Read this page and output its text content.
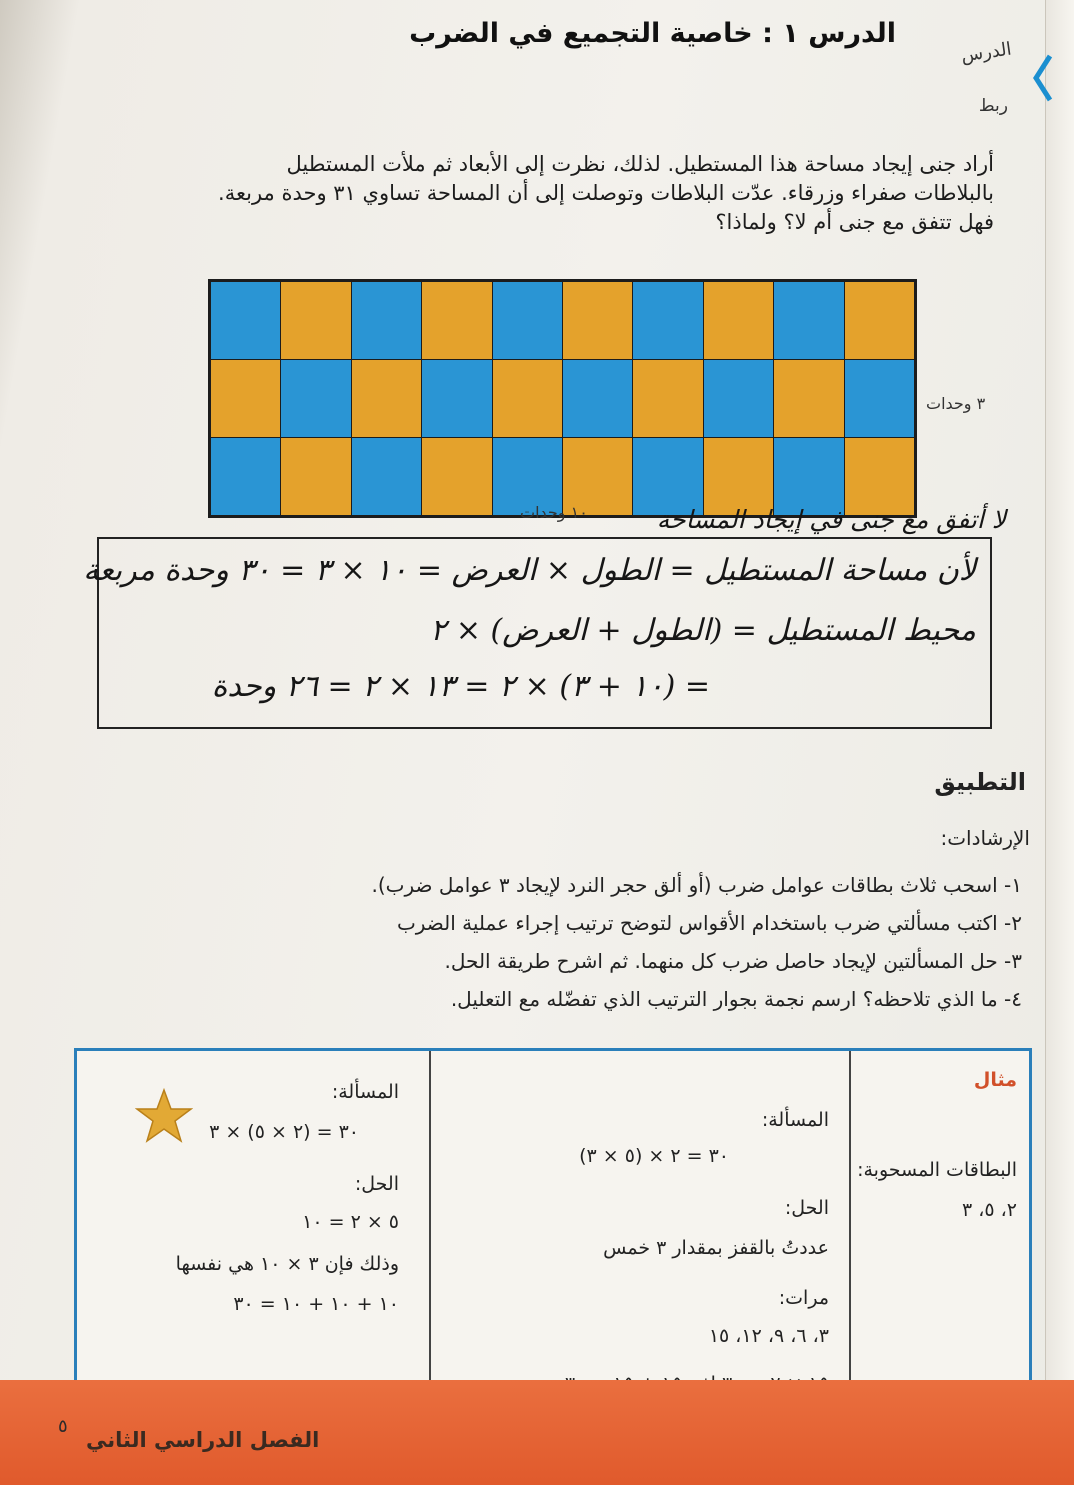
الدرس ١ : خاصية التجميع في الضرب
الدرس
ربط
أراد جنى إيجاد مساحة هذا المستطيل. لذلك، نظرت إلى الأبعاد ثم ملأت المستطيل
بالبلاطات صفراء وزرقاء. عدّت البلاطات وتوصلت إلى أن المساحة تساوي ٣١ وحدة مربعة.
فهل تتفق مع جنى أم لا؟ ولماذا؟
٣ وحدات
١٠ وحدات	لا أتفق مع جنى في إيجاد المساحة
لأن مساحة المستطيل = الطول × العرض = ١٠ × ٣ = ٣٠ وحدة مربعة
محيط المستطيل = (الطول + العرض) × ٢
= (١٠ + ٣) × ٢ = ١٣ × ٢ = ٢٦ وحدة
التطبيق
الإرشادات:
١- اسحب ثلاث بطاقات عوامل ضرب (أو ألق حجر النرد لإيجاد ٣ عوامل ضرب).
٢- اكتب مسألتي ضرب باستخدام الأقواس لتوضح ترتيب إجراء عملية الضرب
٣- حل المسألتين لإيجاد حاصل ضرب كل منهما. ثم اشرح طريقة الحل.
٤- ما الذي تلاحظه؟ ارسم نجمة بجوار الترتيب الذي تفضّله مع التعليل.
مثال
البطاقات المسحوبة:
٢، ٥، ٣
المسألة:
٣٠ = ٢ × (٥ × ٣)
الحل:
عددتُ بالقفز بمقدار ٣ خمس
مرات:
٣، ٦، ٩، ١٢، ١٥
المسألة:
٣٠ = (٢ × ٥) × ٣
الحل:
٥ × ٢ = ١٠
وذلك فإن ٣ × ١٠ هي نفسها
١٠ + ١٠ + ١٠ = ٣٠
الفصل الدراسي الثاني
٥
